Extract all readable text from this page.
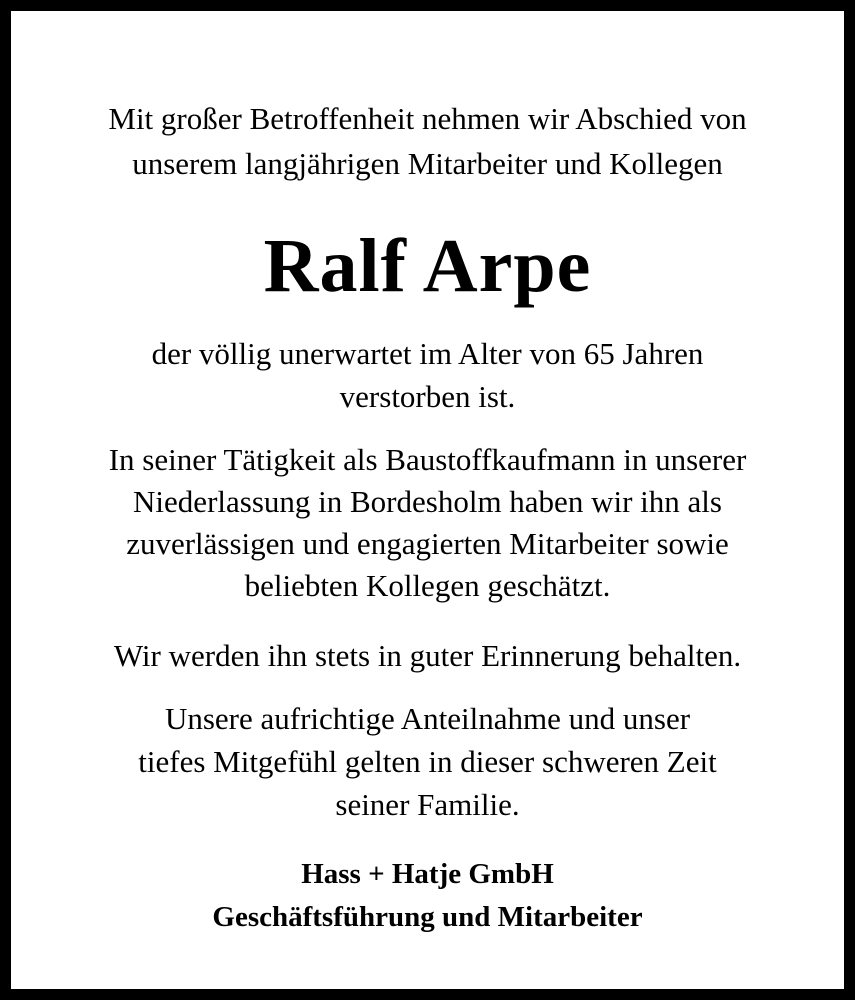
Mit großer Betroffenheit nehmen wir Abschied von
unserem langjährigen Mitarbeiter und Kollegen
Ralf Arpe
der völlig unerwartet im Alter von 65 Jahren
verstorben ist.
In seiner Tätigkeit als Baustoffkaufmann in unserer
Niederlassung in Bordesholm haben wir ihn als
zuverlässigen und engagierten Mitarbeiter sowie
beliebten Kollegen geschätzt.
Wir werden ihn stets in guter Erinnerung behalten.
Unsere aufrichtige Anteilnahme und unser
tiefes Mitgefühl gelten in dieser schweren Zeit
seiner Familie.
Hass + Hatje GmbH
Geschäftsführung und Mitarbeiter
